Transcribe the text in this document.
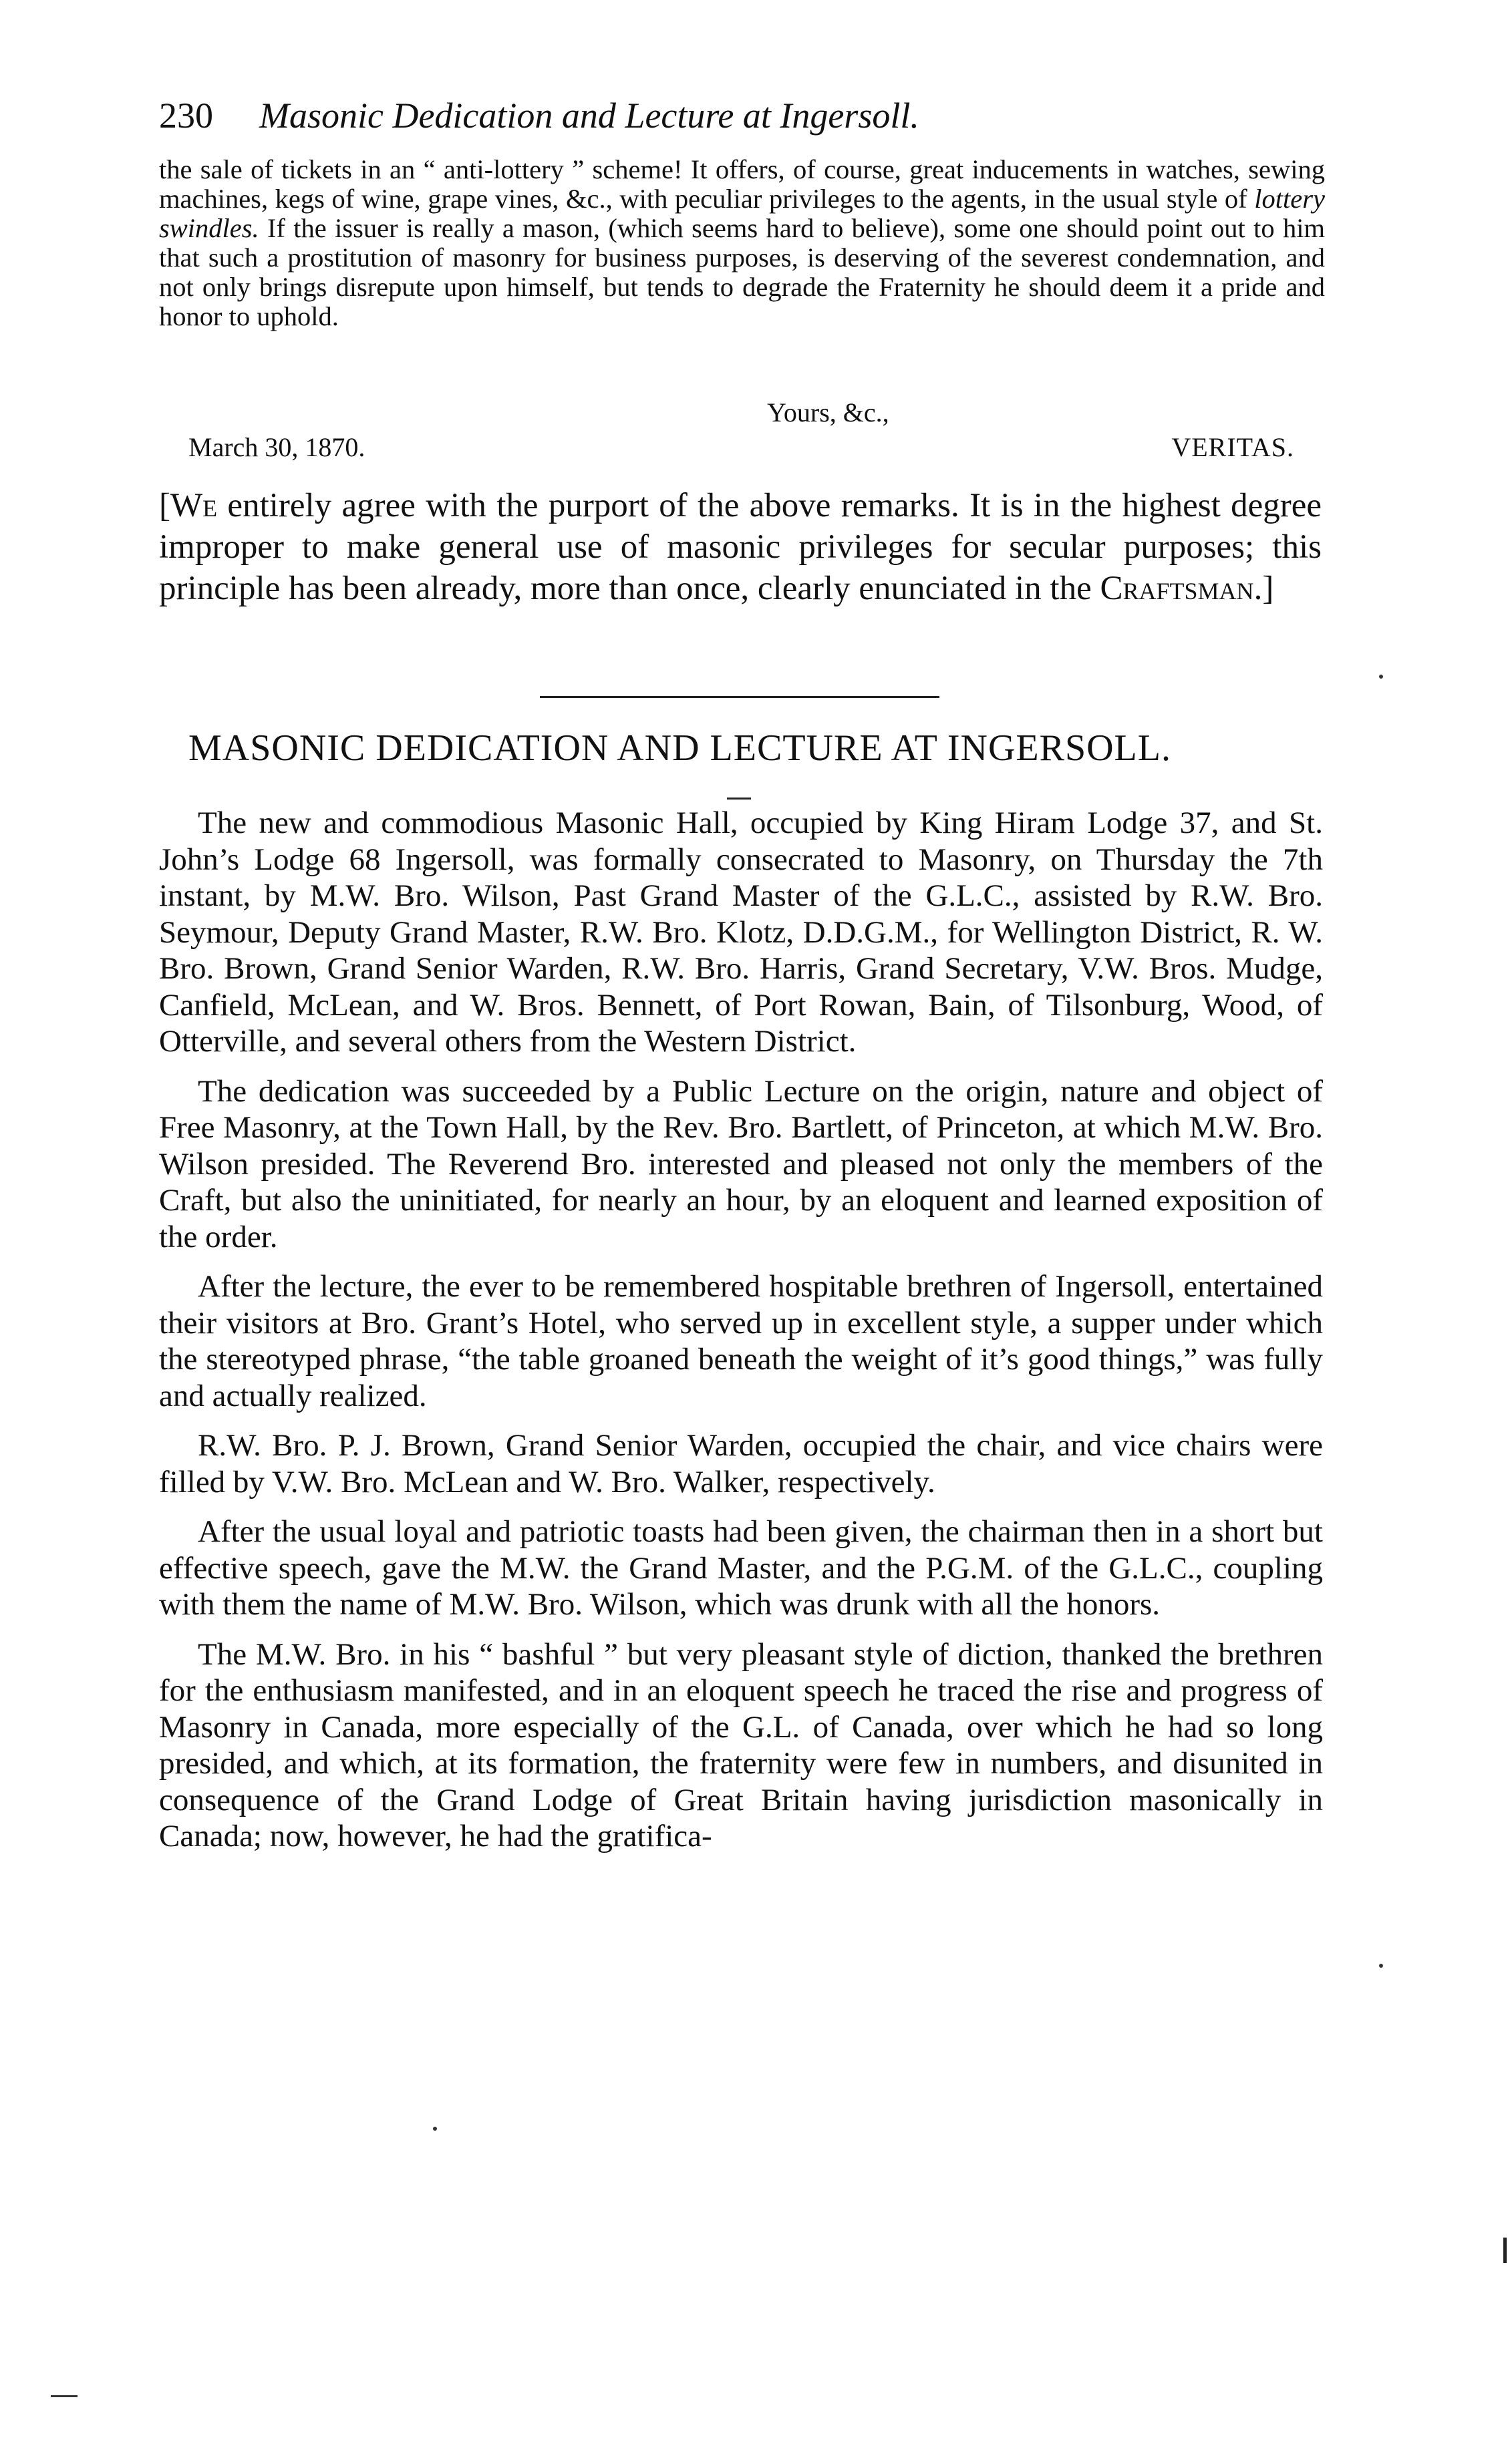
230 Masonic Dedication and Lecture at Ingersoll.

the sale of tickets in an “ anti-lottery ” scheme! It offers, of course, great inducements in watches, sewing machines, kegs of wine, grape vines, &c., with peculiar privileges to the agents, in the usual style of lottery swindles. If the issuer is really a mason, (which seems hard to believe), some one should point out to him that such a prostitution of masonry for business purposes, is deserving of the severest condemnation, and not only brings disrepute upon himself, but tends to degrade the Fraternity he should deem it a pride and honor to uphold.

Yours, &c.,
March 30, 1870.	VERITAS.

[We entirely agree with the purport of the above remarks. It is in the highest degree improper to make general use of masonic privileges for secular purposes; this principle has been already, more than once, clearly enunciated in the Craftsman.]

MASONIC DEDICATION AND LECTURE AT INGERSOLL.

The new and commodious Masonic Hall, occupied by King Hiram Lodge 37, and St. John’s Lodge 68 Ingersoll, was formally consecrated to Masonry, on Thursday the 7th instant, by M.W. Bro. Wilson, Past Grand Master of the G.L.C., assisted by R.W. Bro. Seymour, Deputy Grand Master, R.W. Bro. Klotz, D.D.G.M., for Wellington District, R. W. Bro. Brown, Grand Senior Warden, R.W. Bro. Harris, Grand Secretary, V.W. Bros. Mudge, Canfield, McLean, and W. Bros. Bennett, of Port Rowan, Bain, of Tilsonburg, Wood, of Otterville, and several others from the Western District.

The dedication was succeeded by a Public Lecture on the origin, nature and object of Free Masonry, at the Town Hall, by the Rev. Bro. Bartlett, of Princeton, at which M.W. Bro. Wilson presided. The Reverend Bro. interested and pleased not only the members of the Craft, but also the uninitiated, for nearly an hour, by an eloquent and learned exposition of the order.

After the lecture, the ever to be remembered hospitable brethren of Ingersoll, entertained their visitors at Bro. Grant’s Hotel, who served up in excellent style, a supper under which the stereotyped phrase, “the table groaned beneath the weight of it’s good things,” was fully and actually realized.

R.W. Bro. P. J. Brown, Grand Senior Warden, occupied the chair, and vice chairs were filled by V.W. Bro. McLean and W. Bro. Walker, respectively.

After the usual loyal and patriotic toasts had been given, the chairman then in a short but effective speech, gave the M.W. the Grand Master, and the P.G.M. of the G.L.C., coupling with them the name of M.W. Bro. Wilson, which was drunk with all the honors.

The M.W. Bro. in his “ bashful ” but very pleasant style of diction, thanked the brethren for the enthusiasm manifested, and in an eloquent speech he traced the rise and progress of Masonry in Canada, more especially of the G.L. of Canada, over which he had so long presided, and which, at its formation, the fraternity were few in numbers, and disunited in consequence of the Grand Lodge of Great Britain having jurisdiction masonically in Canada; now, however, he had the gratifica-
